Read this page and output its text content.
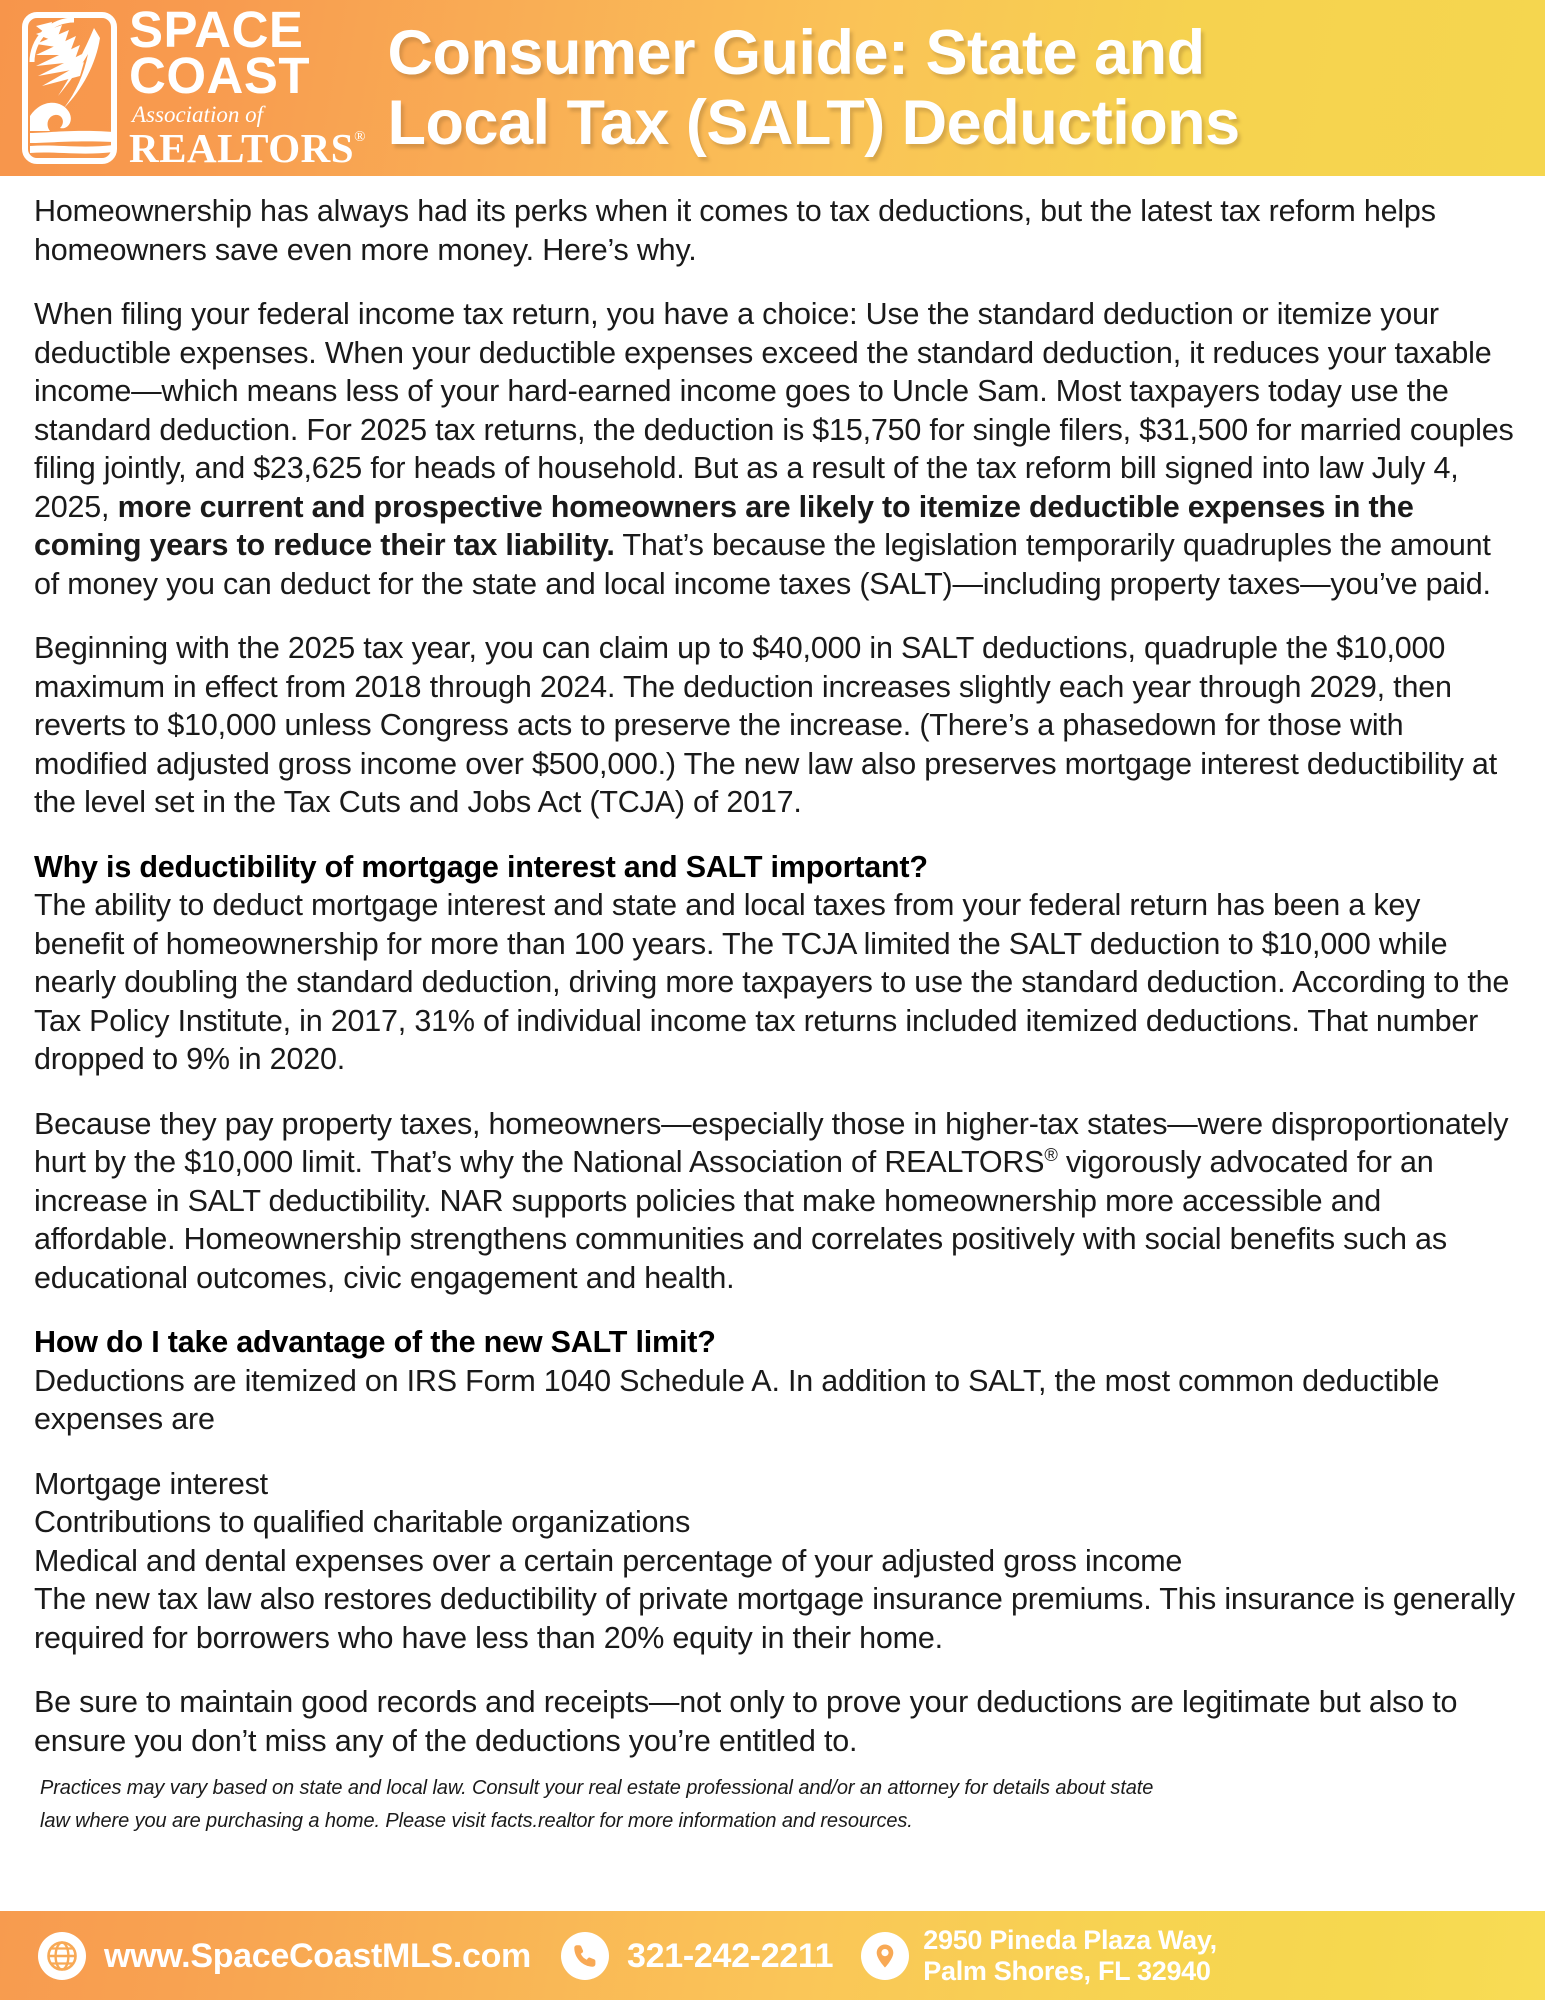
SPACE
COAST
Association of
REALTORS ®
Consumer Guide: State and
Local Tax (SALT) Deductions

Homeownership has always had its perks when it comes to tax deductions, but the latest tax reform helps homeowners save even more money. Here’s why.

When filing your federal income tax return, you have a choice: Use the standard deduction or itemize your deductible expenses. When your deductible expenses exceed the standard deduction, it reduces your taxable income—which means less of your hard-earned income goes to Uncle Sam. Most taxpayers today use the standard deduction. For 2025 tax returns, the deduction is $15,750 for single filers, $31,500 for married couples filing jointly, and $23,625 for heads of household. But as a result of the tax reform bill signed into law July 4, 2025, more current and prospective homeowners are likely to itemize deductible expenses in the coming years to reduce their tax liability. That’s because the legislation temporarily quadruples the amount of money you can deduct for the state and local income taxes (SALT)—including property taxes—you’ve paid.

Beginning with the 2025 tax year, you can claim up to $40,000 in SALT deductions, quadruple the $10,000 maximum in effect from 2018 through 2024. The deduction increases slightly each year through 2029, then reverts to $10,000 unless Congress acts to preserve the increase. (There’s a phasedown for those with modified adjusted gross income over $500,000.) The new law also preserves mortgage interest deductibility at the level set in the Tax Cuts and Jobs Act (TCJA) of 2017.

Why is deductibility of mortgage interest and SALT important?

The ability to deduct mortgage interest and state and local taxes from your federal return has been a key benefit of homeownership for more than 100 years. The TCJA limited the SALT deduction to $10,000 while nearly doubling the standard deduction, driving more taxpayers to use the standard deduction. According to the Tax Policy Institute, in 2017, 31% of individual income tax returns included itemized deductions. That number dropped to 9% in 2020.

Because they pay property taxes, homeowners—especially those in higher-tax states—were disproportionately hurt by the $10,000 limit. That’s why the National Association of REALTORS® vigorously advocated for an increase in SALT deductibility. NAR supports policies that make homeownership more accessible and affordable. Homeownership strengthens communities and correlates positively with social benefits such as educational outcomes, civic engagement and health.

How do I take advantage of the new SALT limit?

Deductions are itemized on IRS Form 1040 Schedule A. In addition to SALT, the most common deductible expenses are

Mortgage interest

Contributions to qualified charitable organizations

Medical and dental expenses over a certain percentage of your adjusted gross income

The new tax law also restores deductibility of private mortgage insurance premiums. This insurance is generally required for borrowers who have less than 20% equity in their home.

Be sure to maintain good records and receipts—not only to prove your deductions are legitimate but also to ensure you don’t miss any of the deductions you’re entitled to.

Practices may vary based on state and local law. Consult your real estate professional and/or an attorney for details about state law where you are purchasing a home. Please visit facts.realtor for more information and resources.

www.SpaceCoastMLS.com	321-242-2211	2950 Pineda Plaza Way,
Palm Shores, FL 32940
